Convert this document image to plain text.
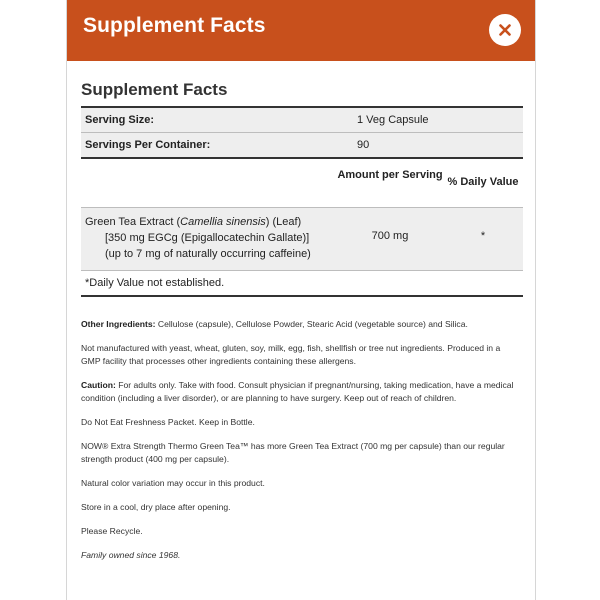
Supplement Facts
Supplement Facts
Serving Size:	1 Veg Capsule
Servings Per Container:	90
Amount per Serving
% Daily Value
Green Tea Extract (Camellia sinensis) (Leaf)
[350 mg EGCg (Epigallocatechin Gallate)]
(up to 7 mg of naturally occurring caffeine)
700 mg	*
*Daily Value not established.

Other Ingredients: Cellulose (capsule), Cellulose Powder, Stearic Acid (vegetable source) and Silica.

Not manufactured with yeast, wheat, gluten, soy, milk, egg, fish, shellfish or tree nut ingredients. Produced in a GMP facility that processes other ingredients containing these allergens.

Caution: For adults only. Take with food. Consult physician if pregnant/nursing, taking medication, have a medical condition (including a liver disorder), or are planning to have surgery. Keep out of reach of children.

Do Not Eat Freshness Packet. Keep in Bottle.

NOW® Extra Strength Thermo Green Tea™ has more Green Tea Extract (700 mg per capsule) than our regular strength product (400 mg per capsule).

Natural color variation may occur in this product.

Store in a cool, dry place after opening.

Please Recycle.

Family owned since 1968.
